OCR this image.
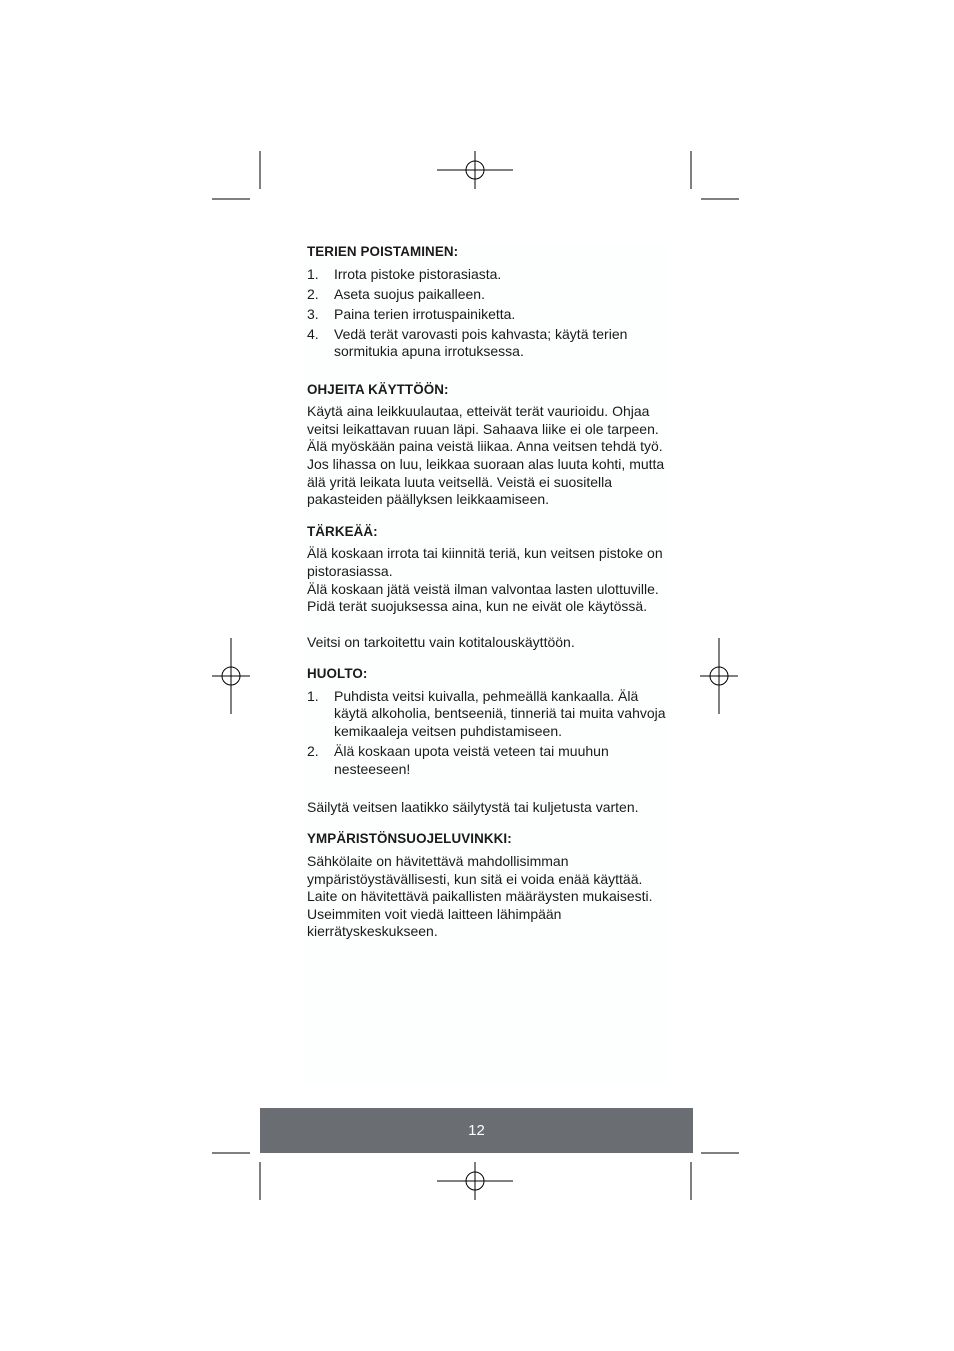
TERIEN POISTAMINEN:
1. Irrota pistoke pistorasiasta.
2. Aseta suojus paikalleen.
3. Paina terien irrotuspainiketta.
4. Vedä terät varovasti pois kahvasta; käytä terien sormitukia apuna irrotuksessa.
OHJEITA KÄYTTÖÖN:

Käytä aina leikkuulautaa, etteivät terät vaurioidu. Ohjaa veitsi leikattavan ruuan läpi. Sahaava liike ei ole tarpeen. Älä myöskään paina veistä liikaa. Anna veitsen tehdä työ. Jos lihassa on luu, leikkaa suoraan alas luuta kohti, mutta älä yritä leikata luuta veitsellä. Veistä ei suositella pakasteiden päällyksen leikkaamiseen.

TÄRKEÄÄ:

Älä koskaan irrota tai kiinnitä teriä, kun veitsen pistoke on pistorasiassa.

Älä koskaan jätä veistä ilman valvontaa lasten ulottuville.

Pidä terät suojuksessa aina, kun ne eivät ole käytössä.

Veitsi on tarkoitettu vain kotitalouskäyttöön.

HUOLTO:
1. Puhdista veitsi kuivalla, pehmeällä kankaalla. Älä käytä alkoholia, bentseeniä, tinneriä tai muita vahvoja kemikaaleja veitsen puhdistamiseen.
2. Älä koskaan upota veistä veteen tai muuhun nesteeseen!

Säilytä veitsen laatikko säilytystä tai kuljetusta varten.

YMPÄRISTÖNSUOJELUVINKKI:

Sähkölaite on hävitettävä mahdollisimman ympäristöystävällisesti, kun sitä ei voida enää käyttää. Laite on hävitettävä paikallisten määräysten mukaisesti. Useimmiten voit viedä laitteen lähimpään kierrätyskeskukseen.

12
